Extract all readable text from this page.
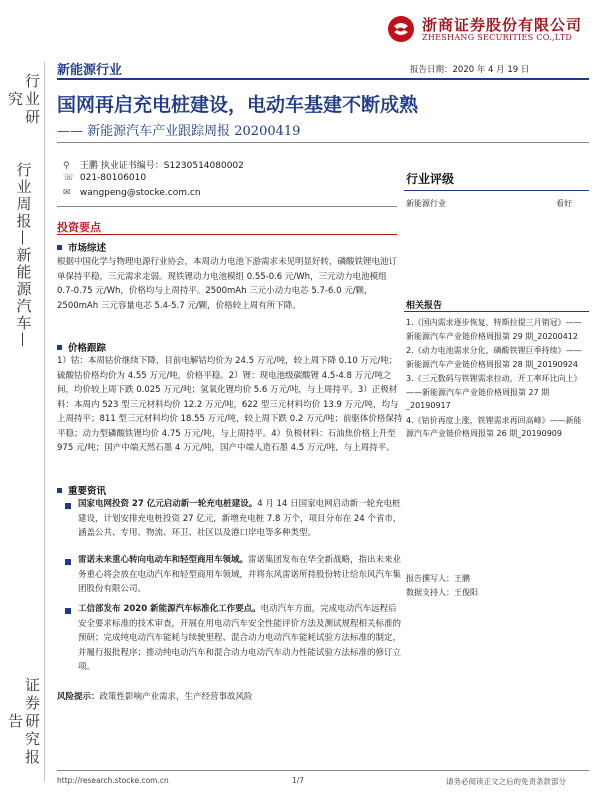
行业研究
行业周报—新能源汽车—
证券研究报告
浙商证券股份有限公司
ZHESHANG SECURITIES CO.,LTD
新能源行业	报告日期：2020 年 4 月 19 日
国网再启充电桩建设，电动车基建不断成熟
—— 新能源汽车产业跟踪周报 20200419
⚲ 王鹏 执业证书编号：S1230514080002
☏ 021-80106010
✉ wangpeng@stocke.com.cn
行业评级
新能源行业	看好
相关报告
1.《国内需求逐步恢复，特斯拉提三月销冠》——新能源汽车产业链价格周报第 29 期_20200412
2.《动力电池需求分化，磷酸铁锂巨季持续》——新能源汽车产业链价格周报第 28 期_20190924
3.《三元数码与铁锂需求拉动，开工率环比向上》——新能源汽车产业链价格周报第 27 期_20190917
4.《钴价再度上涨，铁锂需求再回高峰》——新能源汽车产业链价格周报第 26 期_20190909
报告撰写人：王鹏
数据支持人：王俊阳
投资要点
市场综述
根据中国化学与物理电源行业协会，本周动力电池下游需求未见明显好转，磷酸铁锂电池订单保持平稳，三元需求走弱。现铁锂动力电池模组 0.55-0.6 元/Wh，三元动力电池模组 0.7-0.75 元/Wh，价格均与上周持平。2500mAh 三元小动力电芯 5.7-6.0 元/颗，2500mAh 三元容量电芯 5.4-5.7 元/颗，价格较上周有所下降。
价格跟踪
1）钴：本周钴价继续下降，目前电解钴均价为 24.5 万元/吨，较上周下降 0.10 万元/吨；硫酸钴价格均价为 4.55 万元/吨，价格平稳。2）锂：现电池级碳酸锂 4.5-4.8 万元/吨之间，均价较上周下跌 0.025 万元/吨；氢氧化锂均价 5.6 万元/吨，与上周持平。3）正极材料：本周内 523 型三元材料均价 12.2 万元/吨，622 型三元材料均价 13.9 万元/吨，均与上周持平；811 型三元材料均价 18.55 万元/吨，较上周下跌 0.2 万元/吨；前驱体价格保持平稳；动力型磷酸铁锂均价 4.75 万元/吨，与上周持平。4）负极材料：石油焦价格上升至 975 元/吨；国产中端天然石墨 4 万元/吨，国产中端人造石墨 4.5 万元/吨，与上周持平。
重要资讯
国家电网投资 27 亿元启动新一轮充电桩建设。4 月 14 日国家电网启动新一轮充电桩建设，计划安排充电桩投资 27 亿元，新增充电桩 7.8 万个，项目分布在 24 个省市，涵盖公共、专用、物流、环卫、社区以及港口岸电等多种类型。
雷诺未来重心转向电动车和轻型商用车领域。雷诺集团发布在华全新战略，指出未来业务重心将会放在电动汽车和轻型商用车领域，并将东风雷诺所持股份转让给东风汽车集团股份有限公司。
工信部发布 2020 新能源汽车标准化工作要点。电动汽车方面，完成电动汽车远程后安全要求标准的技术审查，开展在用电动汽车安全性能评价方法及测试规程相关标准的预研；完成纯电动汽车能耗与续驶里程、混合动力电动汽车能耗试验方法标准的制定，并履行报批程序；推动纯电动汽车和混合动力电动汽车动力性能试验方法标准的修订立项。
风险提示：政策性影响产业需求，生产经营事故风险
http://research.stocke.com.cn	1/7	请务必阅读正文之后的免责条款部分
